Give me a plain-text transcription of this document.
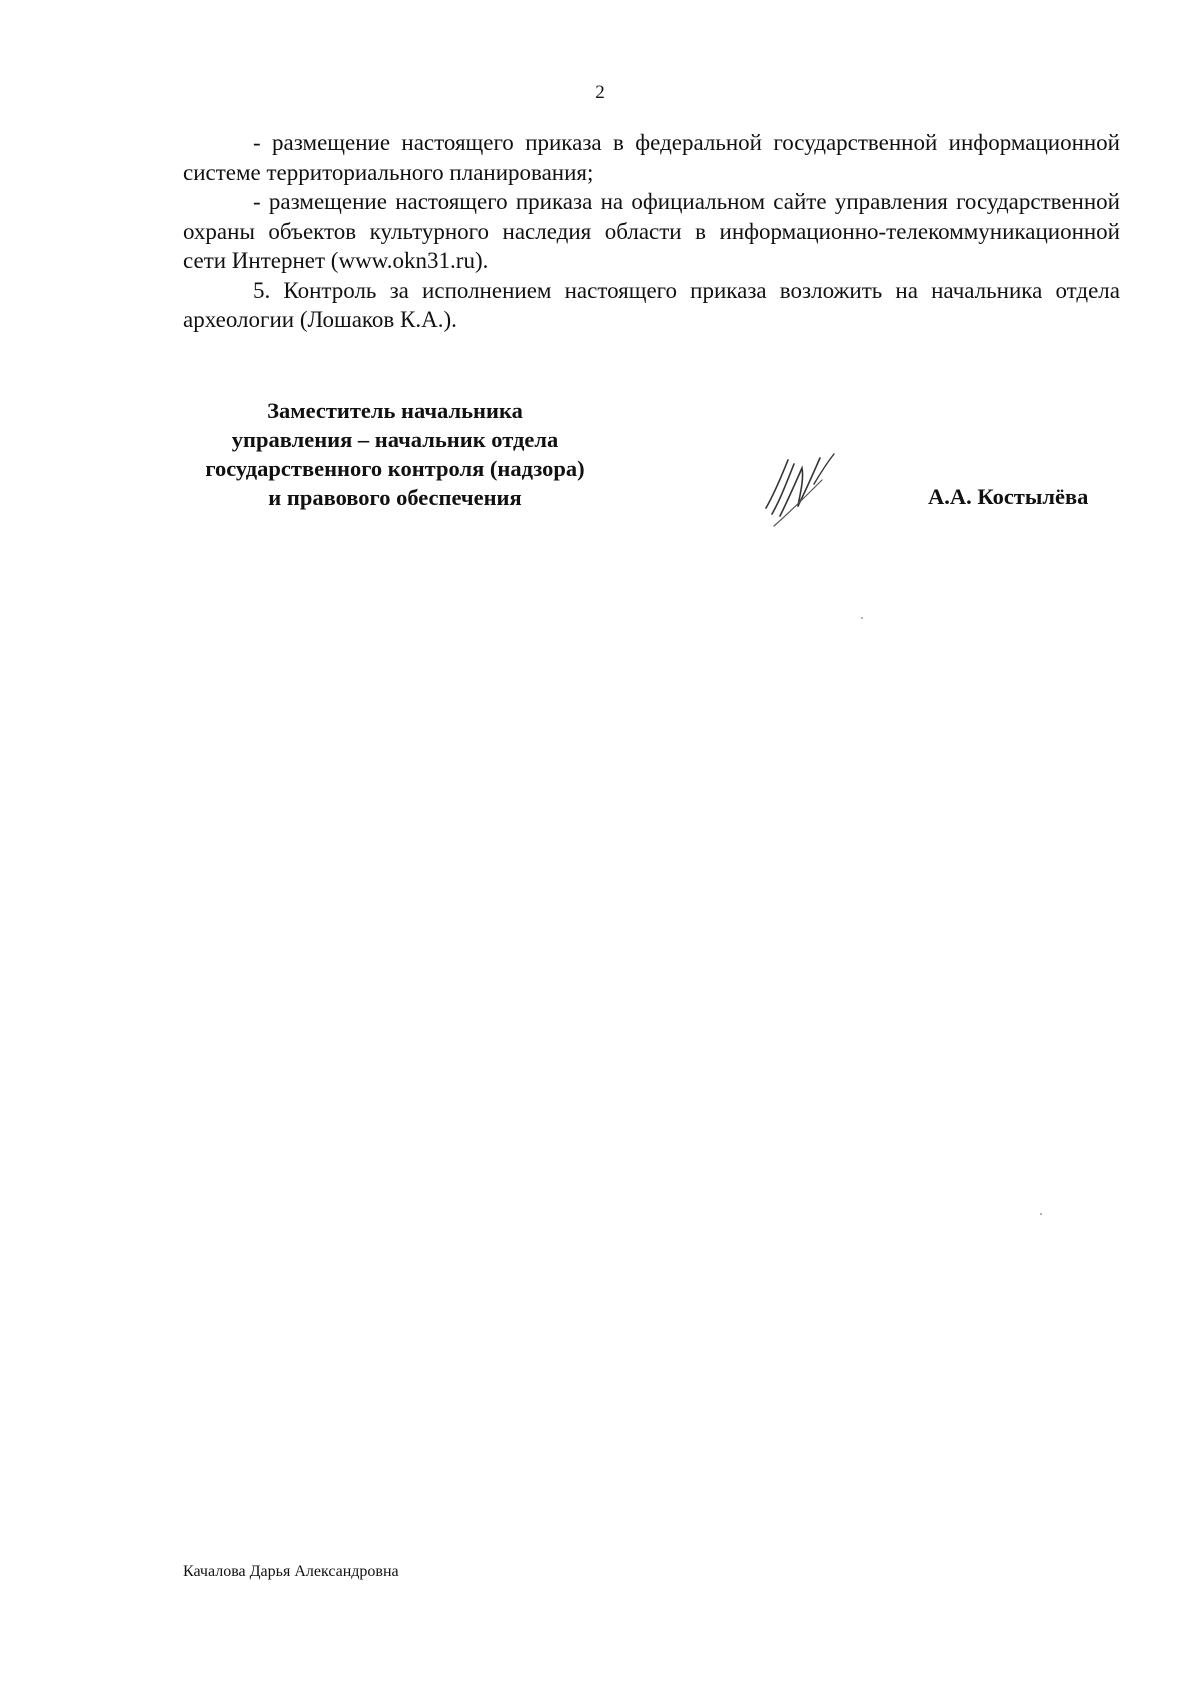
2

- размещение настоящего приказа в федеральной государственной информационной системе территориального планирования;

- размещение настоящего приказа на официальном сайте управления государственной охраны объектов культурного наследия области в информационно-телекоммуникационной сети Интернет (www.okn31.ru).

5. Контроль за исполнением настоящего приказа возложить на начальника отдела археологии (Лошаков К.А.).

Заместитель начальника
управления – начальник отдела
государственного контроля (надзора)
и правового обеспечения	А.А. Костылёва
Качалова Дарья Александровна
